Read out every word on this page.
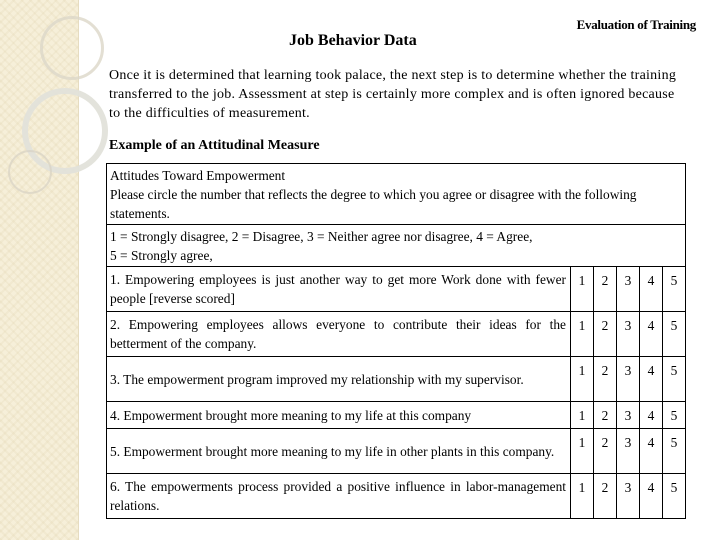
Job Behavior Data
Evaluation of Training
Once it is determined that learning took palace, the next step is to determine whether the training transferred to the job. Assessment at step is certainly more complex and is often ignored because to the difficulties of measurement.
Example of an Attitudinal Measure
Attitudes Toward Empowerment
Please circle the number that reflects the degree to which you agree or disagree with the following statements.					

1 = Strongly disagree, 2 = Disagree, 3 = Neither agree nor disagree, 4 = Agree,
5 = Strongly agree,					

1. Empowering employees is just another way to get more Work done with fewer people [reverse scored]	1	2	3	4	5
2. Empowering employees allows everyone to contribute their ideas for the betterment of the company.	1	2	3	4	5
3. The empowerment program improved my relationship with my supervisor.	1	2	3	4	5
4. Empowerment brought more meaning to my life at this company	1	2	3	4	5
5. Empowerment brought more meaning to my life in other plants in this company.	1	2	3	4	5
6. The empowerments process provided a positive influence in labor-management relations.	1	2	3	4	5
